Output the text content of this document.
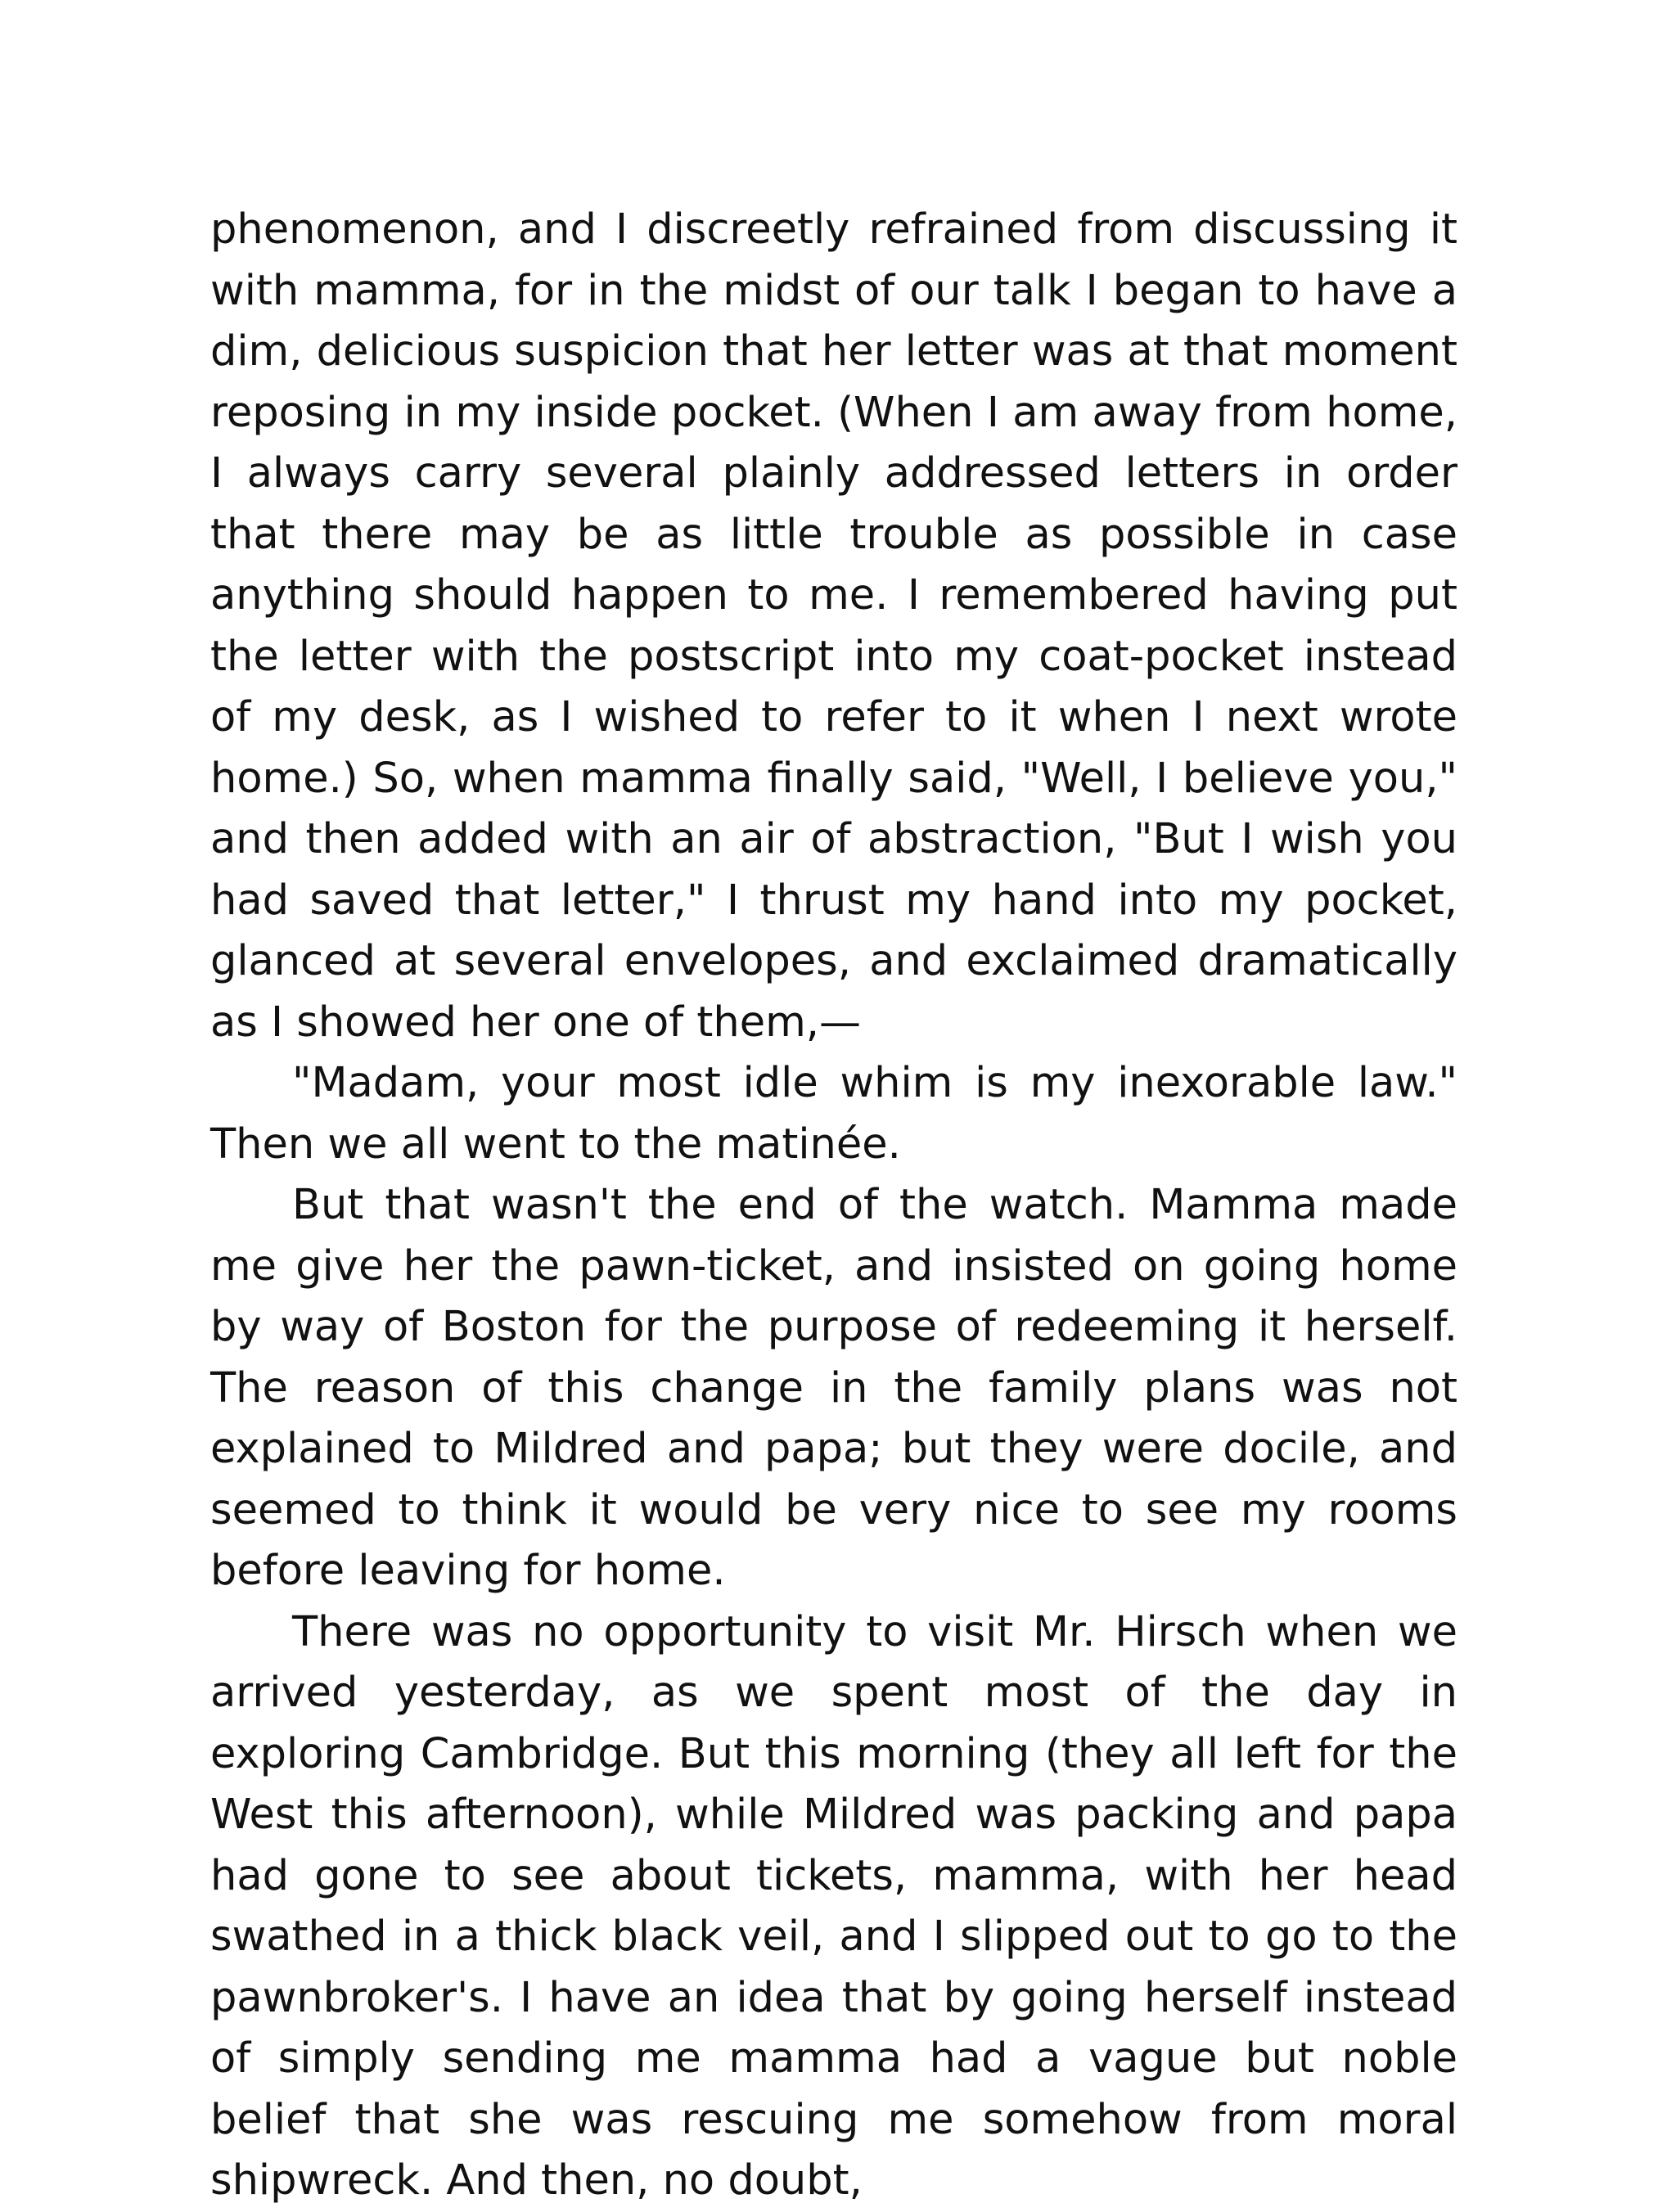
phenomenon, and I discreetly refrained from discussing it with mamma, for in the midst of our talk I began to have a dim, delicious suspicion that her letter was at that moment reposing in my inside pocket. (When I am away from home, I always carry several plainly addressed letters in order that there may be as little trouble as possible in case anything should happen to me. I remembered having put the letter with the postscript into my coat-pocket instead of my desk, as I wished to refer to it when I next wrote home.) So, when mamma finally said, "Well, I believe you," and then added with an air of abstraction, "But I wish you had saved that letter," I thrust my hand into my pocket, glanced at several envelopes, and exclaimed dramatically as I showed her one of them,—

"Madam, your most idle whim is my inexorable law." Then we all went to the matinée.

But that wasn't the end of the watch. Mamma made me give her the pawn-ticket, and insisted on going home by way of Boston for the purpose of redeeming it herself. The reason of this change in the family plans was not explained to Mildred and papa; but they were docile, and seemed to think it would be very nice to see my rooms before leaving for home.

There was no opportunity to visit Mr. Hirsch when we arrived yesterday, as we spent most of the day in exploring Cambridge. But this morning (they all left for the West this afternoon), while Mildred was packing and papa had gone to see about tickets, mamma, with her head swathed in a thick black veil, and I slipped out to go to the pawnbroker's. I have an idea that by going herself instead of simply sending me mamma had a vague but noble belief that she was rescuing me somehow from moral shipwreck. And then, no doubt,
